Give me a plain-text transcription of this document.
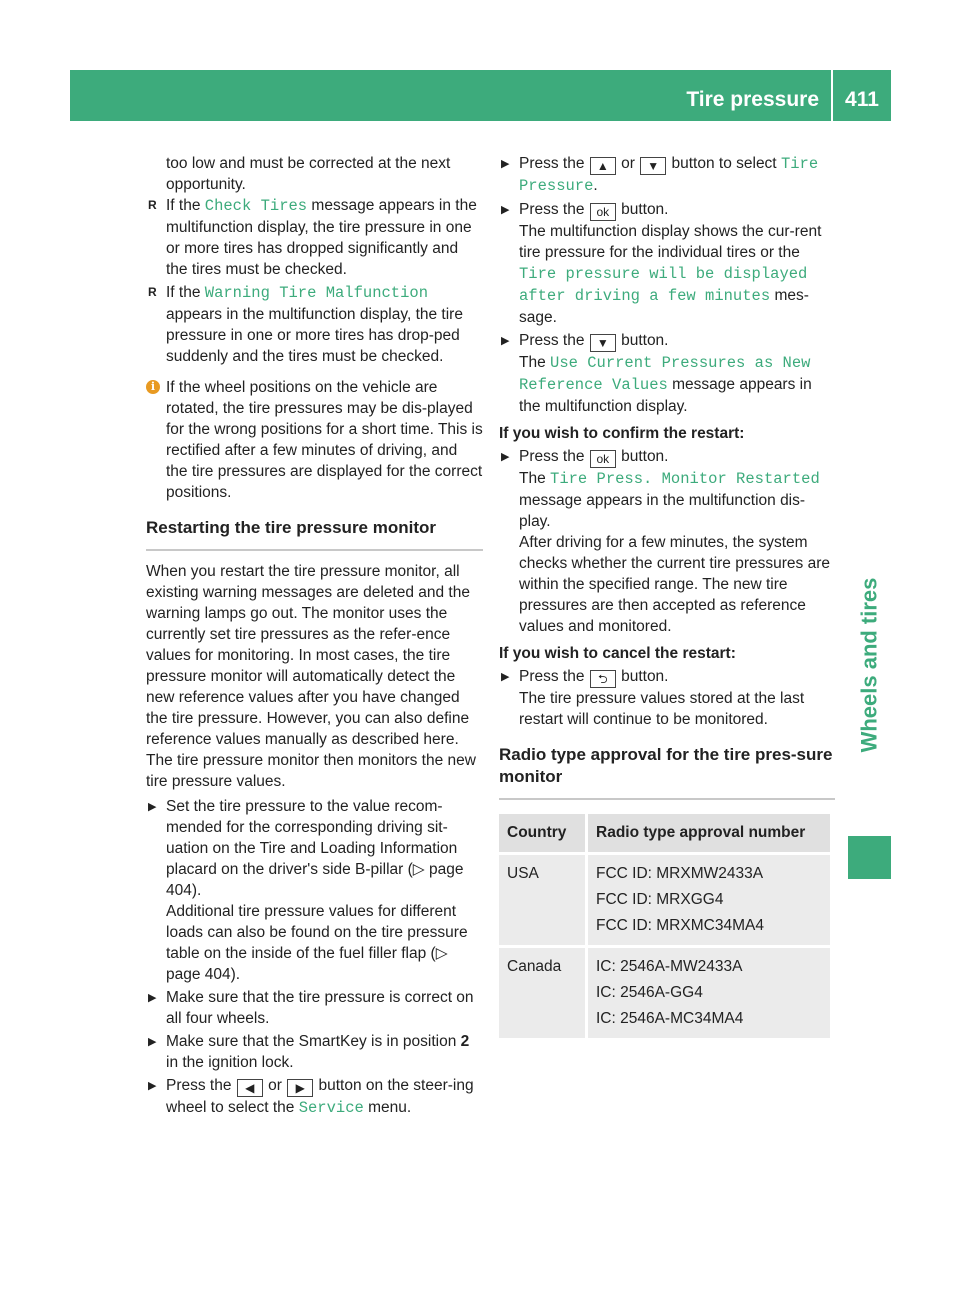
Tire pressure	411
Wheels and tires

too low and must be corrected at the next opportunity.

R If the Check Tires message appears in the multifunction display, the tire pressure in one or more tires has dropped significantly and the tires must be checked.
R If the Warning Tire Malfunction appears in the multifunction display, the tire pressure in one or more tires has drop-ped suddenly and the tires must be checked.
i If the wheel positions on the vehicle are rotated, the tire pressures may be dis-played for the wrong positions for a short time. This is rectified after a few minutes of driving, and the tire pressures are displayed for the correct positions.
Restarting the tire pressure monitor

When you restart the tire pressure monitor, all existing warning messages are deleted and the warning lamps go out. The monitor uses the currently set tire pressures as the refer-ence values for monitoring. In most cases, the tire pressure monitor will automatically detect the new reference values after you have changed the tire pressure. However, you can also define reference values manually as described here. The tire pressure monitor then monitors the new tire pressure values.

▶ Set the tire pressure to the value recom-mended for the corresponding driving sit-uation on the Tire and Loading Information placard on the driver's side B-pillar (▷ page 404).

Additional tire pressure values for different loads can also be found on the tire pressure table on the inside of the fuel filler flap (▷ page 404).

▶ Make sure that the tire pressure is correct on all four wheels.

▶ Make sure that the SmartKey is in position 2 in the ignition lock.

▶ Press the ◀ or ▶ button on the steer-ing wheel to select the Service menu.

▶ Press the ▲ or ▼ button to select Tire Pressure.

▶ Press the ok button.

The multifunction display shows the cur-rent tire pressure for the individual tires or the Tire pressure will be displayed after driving a few minutes mes-sage.

▶ Press the ▼ button.

The Use Current Pressures as New Reference Values message appears in the multifunction display.

If you wish to confirm the restart:

▶ Press the ok button.

The Tire Press. Monitor Restarted message appears in the multifunction dis-play.

After driving for a few minutes, the system checks whether the current tire pressures are within the specified range. The new tire pressures are then accepted as reference values and monitored.

If you wish to cancel the restart:

▶ Press the ⮌ button.

The tire pressure values stored at the last restart will continue to be monitored.

Radio type approval for the tire pres-sure monitor
Country	Radio type approval number
USA	FCC ID: MRXMW2433A
FCC ID: MRXGG4
FCC ID: MRXMC34MA4

Canada	IC: 2546A-MW2433A
IC: 2546A-GG4
IC: 2546A-MC34MA4
